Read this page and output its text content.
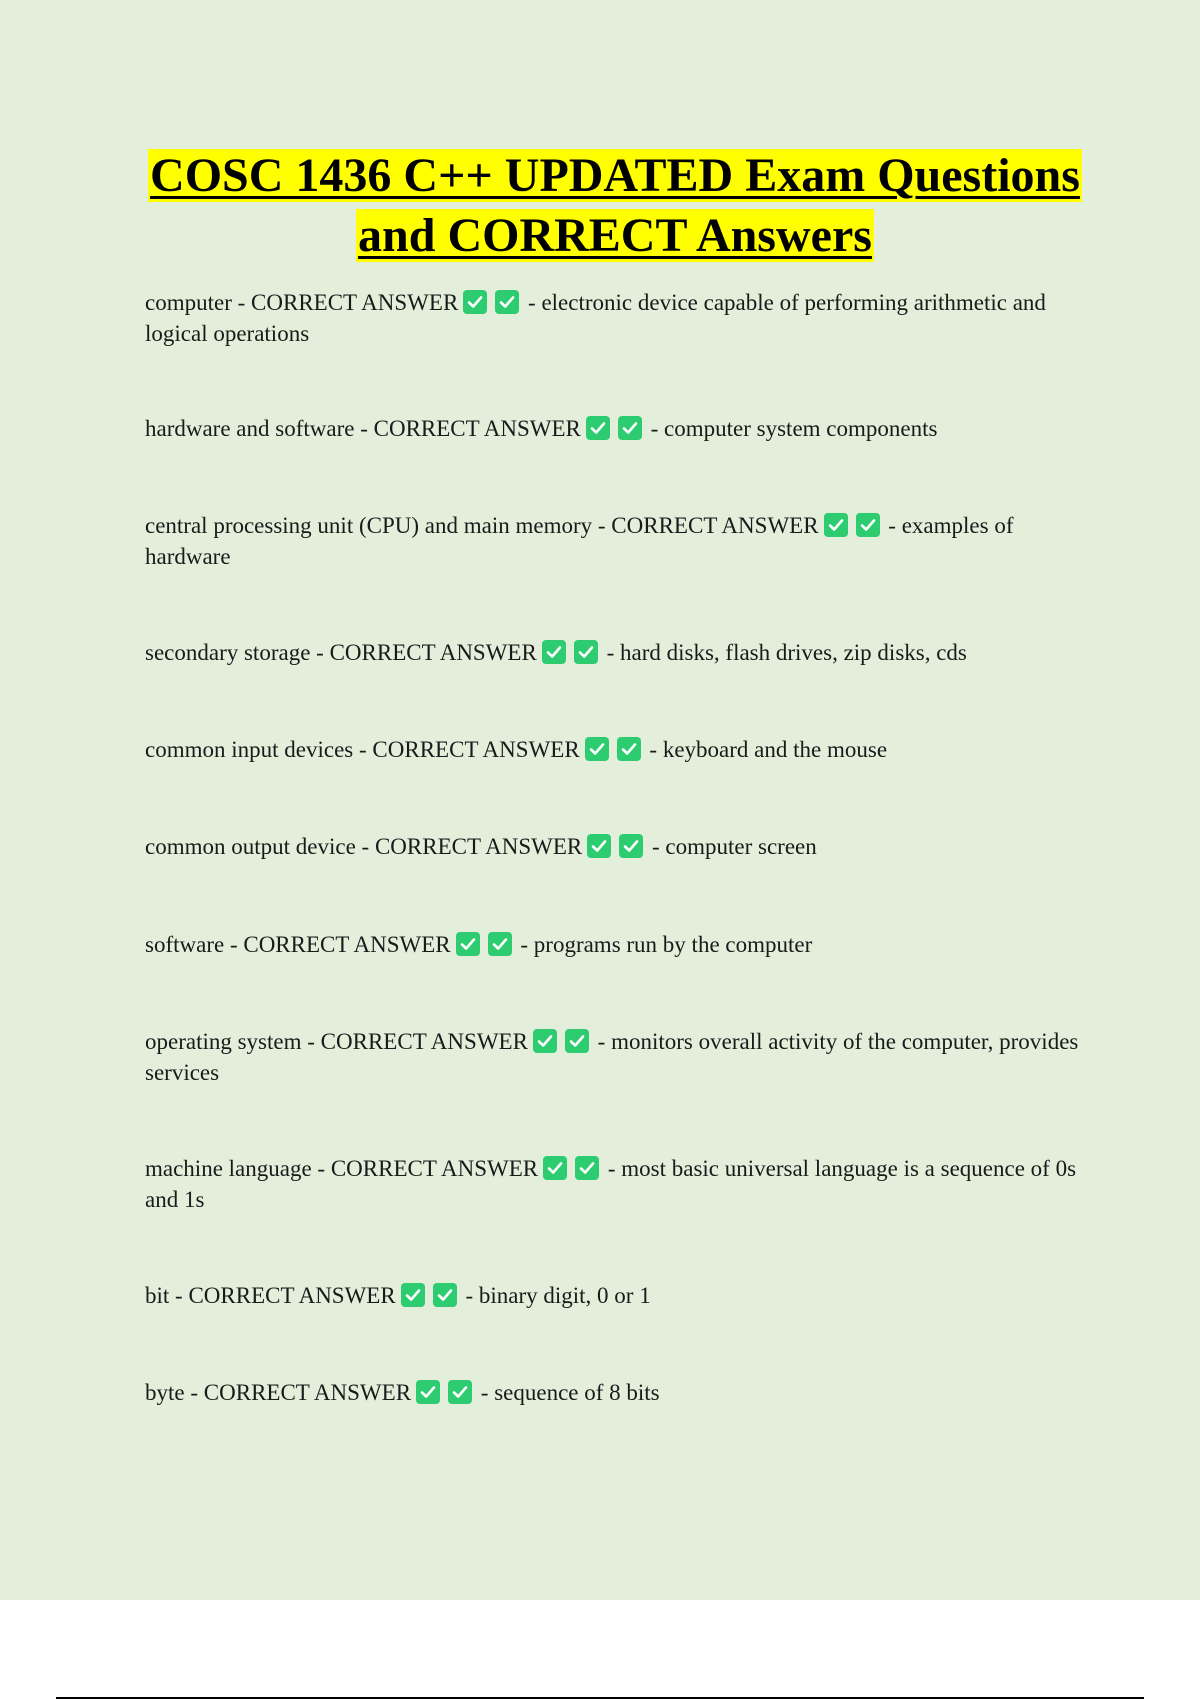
COSC 1436 C++ UPDATED Exam Questions
and CORRECT Answers

computer - CORRECT ANSWER	- electronic device capable of performing arithmetic and logical operations

hardware and software - CORRECT ANSWER	- computer system components

central processing unit (CPU) and main memory - CORRECT ANSWER	- examples of hardware

secondary storage - CORRECT ANSWER	- hard disks, flash drives, zip disks, cds

common input devices - CORRECT ANSWER	- keyboard and the mouse

common output device - CORRECT ANSWER	- computer screen

software - CORRECT ANSWER	- programs run by the computer

operating system - CORRECT ANSWER	- monitors overall activity of the computer, provides services

machine language - CORRECT ANSWER	- most basic universal language is a sequence of 0s and 1s

bit - CORRECT ANSWER	- binary digit, 0 or 1

byte - CORRECT ANSWER	- sequence of 8 bits
